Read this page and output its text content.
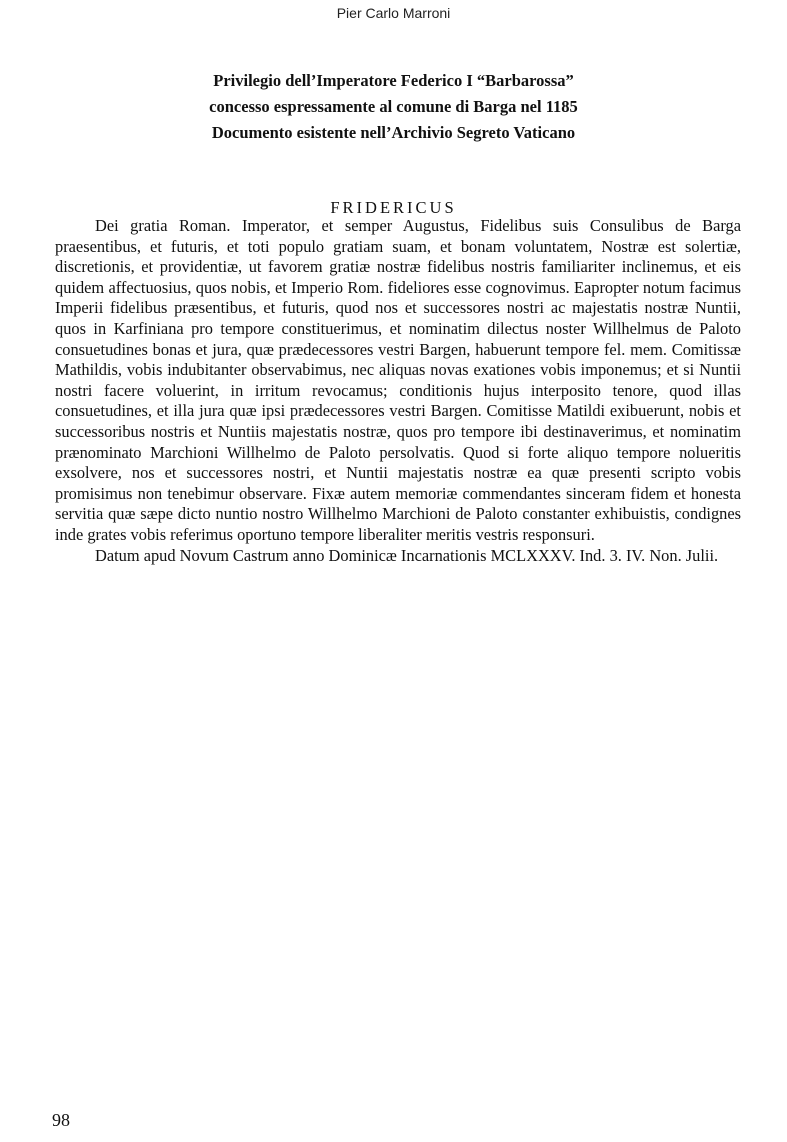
Pier Carlo Marroni
Privilegio dell’Imperatore Federico I “Barbarossa”
concesso espressamente al comune di Barga nel 1185
Documento esistente nell’Archivio Segreto Vaticano
FRIDERICUS

Dei gratia Roman. Imperator, et semper Augustus, Fidelibus suis Consulibus de Barga praesentibus, et futuris, et toti populo gratiam suam, et bonam voluntatem, Nostræ est solertiæ, discretionis, et providentiæ, ut favorem gratiæ nostræ fidelibus nostris familiariter inclinemus, et eis quidem affectuosius, quos nobis, et Imperio Rom. fideliores esse cognovimus. Eapropter notum facimus Imperii fidelibus præsentibus, et futuris, quod nos et successores nostri ac majestatis nostræ Nuntii, quos in Karfiniana pro tempore constituerimus, et nominatim dilectus noster Willhelmus de Paloto consuetudines bonas et jura, quæ prædecessores vestri Bargen, habuerunt tempore fel. mem. Comitissæ Mathildis, vobis indubitanter observabimus, nec aliquas novas exationes vobis imponemus; et si Nuntii nostri facere voluerint, in irritum revocamus; conditionis hujus interposito tenore, quod illas consuetudines, et illa jura quæ ipsi prædecessores vestri Bargen. Comitisse Matildi exibuerunt, nobis et successoribus nostris et Nuntiis majestatis nostræ, quos pro tempore ibi destinaverimus, et nominatim prænominato Marchioni Willhelmo de Paloto persolvatis. Quod si forte aliquo tempore nolueritis exsolvere, nos et successores nostri, et Nuntii majestatis nostræ ea quæ presenti scripto vobis promisimus non tenebimur observare. Fixæ autem memoriæ commendantes sinceram fidem et honesta servitia quæ sæpe dicto nuntio nostro Willhelmo Marchioni de Paloto constanter exhibuistis, condignes inde grates vobis referimus oportuno tempore liberaliter meritis vestris responsuri.

Datum apud Novum Castrum anno Dominicæ Incarnationis MCLXXXV. Ind. 3. IV. Non. Julii.

98
